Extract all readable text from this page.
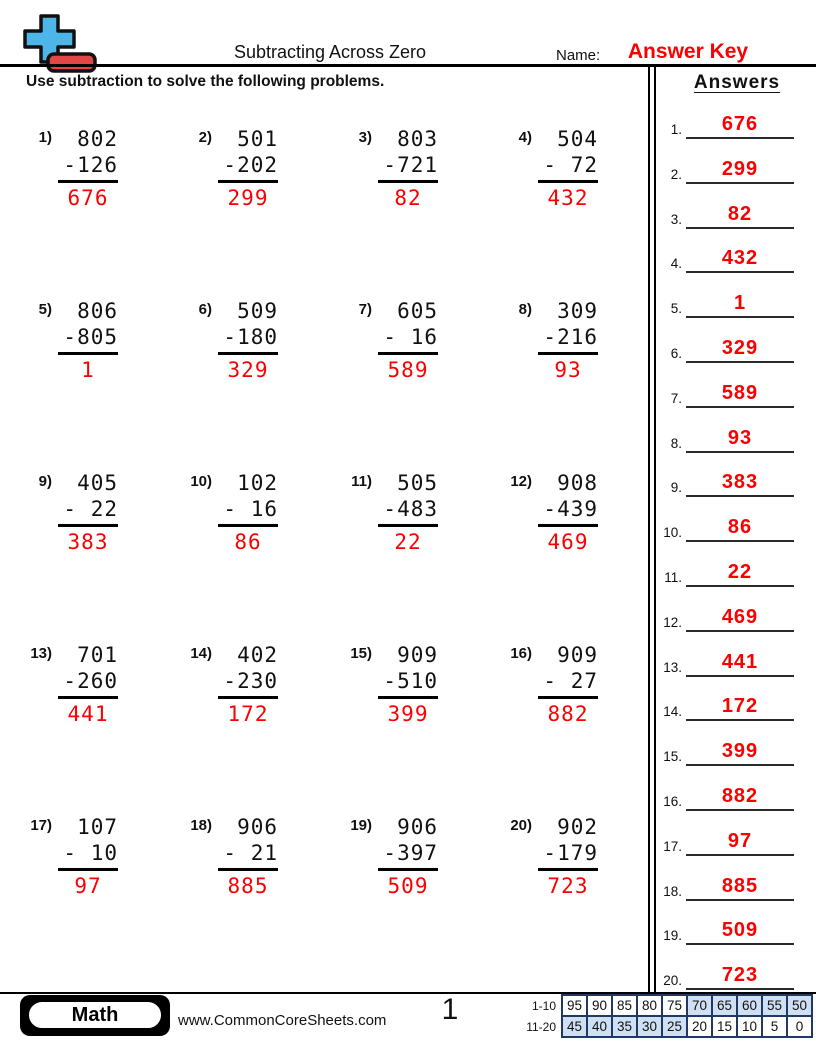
Subtracting Across Zero	Name:	Answer Key
Use subtraction to solve the following problems.	Answers
1.	676
2.	299
3.	82
4.	432
5.	1
6.	329
7.	589
8.	93
9.	383
10.	86
11.	22
12.	469
13.	441
14.	172
15.	399
16.	882
17.	97
18.	885
19.	509
20.	723
1) 802
-126
676
2) 501
-202
299
3) 803
-721
82
4) 504
- 72
432
5) 806
-805
1
6) 509
-180
329
7) 605
- 16
589
8) 309
-216
93
9) 405
- 22
383
10) 102
- 16
86
11) 505
-483
22
12) 908
-439
469
13) 701
-260
441
14) 402
-230
172
15) 909
-510
399
16) 909
- 27
882
17) 107
- 10
97
18) 906
- 21
885
19) 906
-397
509
20) 902
-179
723
Math	www.CommonCoreSheets.com	1	1-10	95	90	85	80	75	70	65	60	55	50
11-20	45	40	35	30	25	20	15	10	5	0
